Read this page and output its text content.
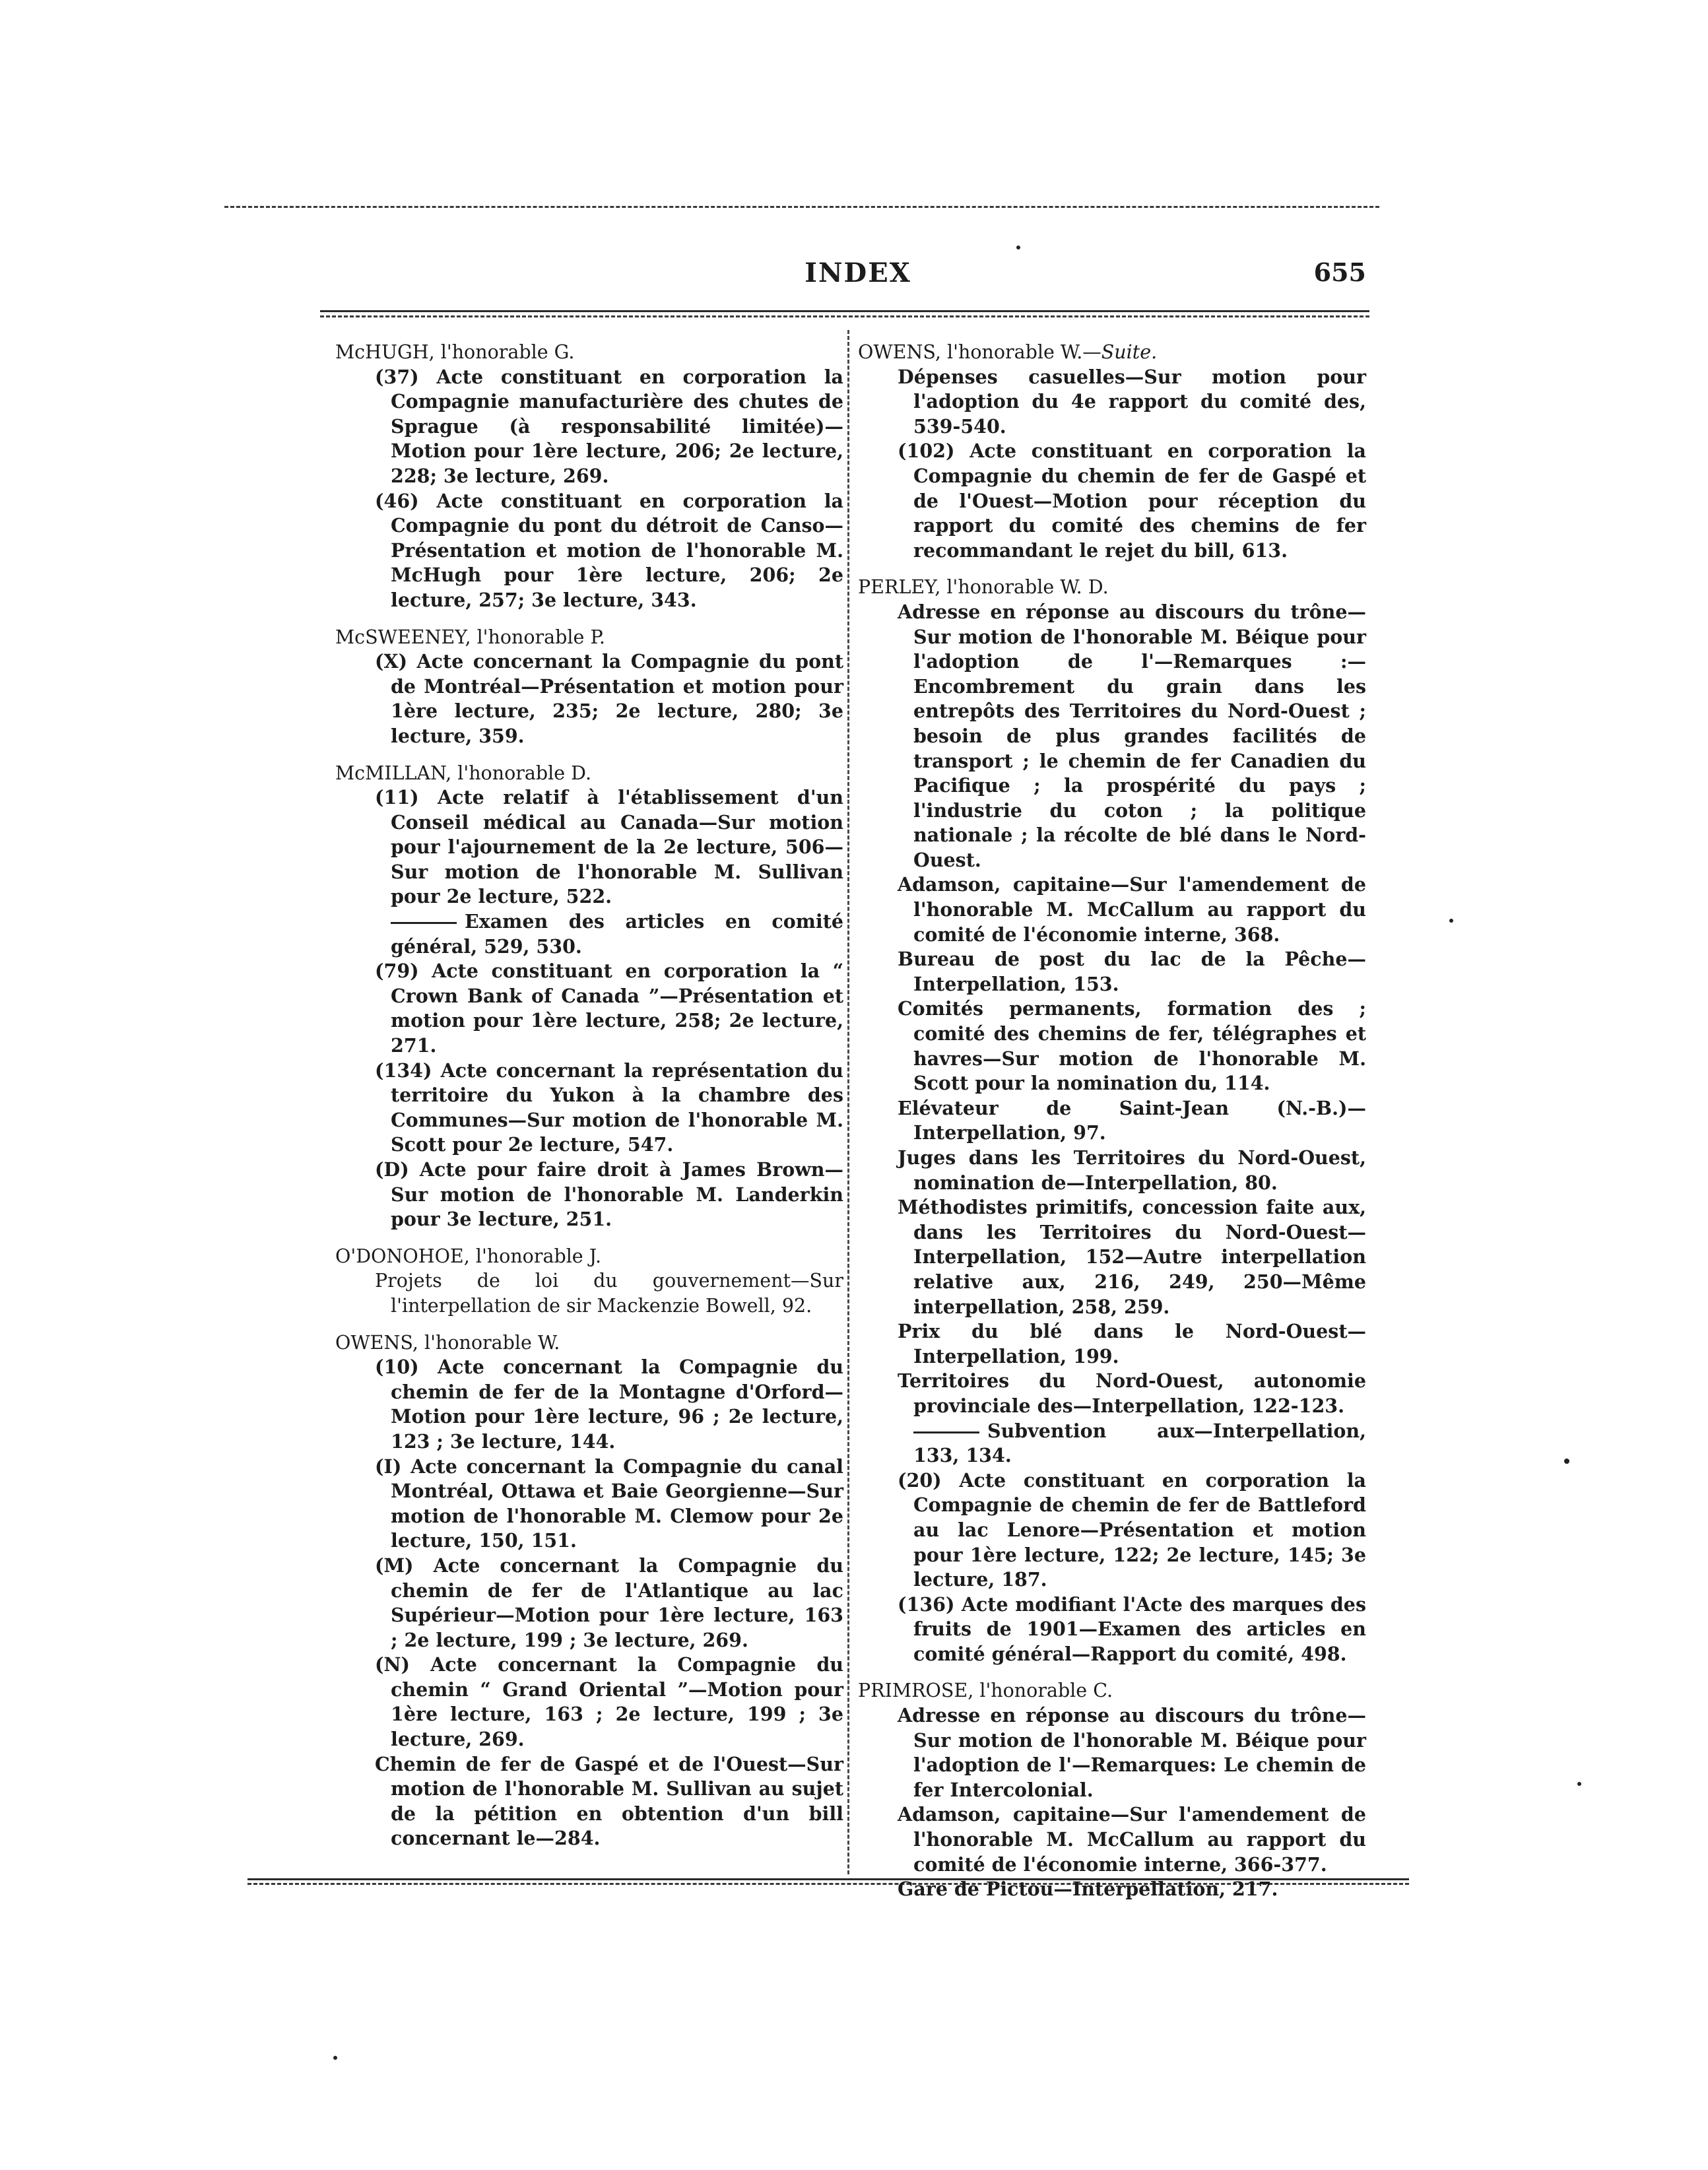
INDEX	655
McHUGH, l'honorable G.
(37) Acte constituant en corporation la Compagnie manufacturière des chutes de Sprague (à responsabilité limitée)—Motion pour 1ère lecture, 206; 2e lecture, 228; 3e lecture, 269.
(46) Acte constituant en corporation la Compagnie du pont du détroit de Canso—Présentation et motion de l'honorable M. McHugh pour 1ère lecture, 206; 2e lecture, 257; 3e lecture, 343.
McSWEENEY, l'honorable P.
(X) Acte concernant la Compagnie du pont de Montréal—Présentation et motion pour 1ère lecture, 235; 2e lecture, 280; 3e lecture, 359.
McMILLAN, l'honorable D.
(11) Acte relatif à l'établissement d'un Conseil médical au Canada—Sur motion pour l'ajournement de la 2e lecture, 506—Sur motion de l'honorable M. Sullivan pour 2e lecture, 522.
Examen des articles en comité général, 529, 530.
(79) Acte constituant en corporation la “ Crown Bank of Canada ”—Présentation et motion pour 1ère lecture, 258; 2e lecture, 271.
(134) Acte concernant la représentation du territoire du Yukon à la chambre des Communes—Sur motion de l'honorable M. Scott pour 2e lecture, 547.
(D) Acte pour faire droit à James Brown—Sur motion de l'honorable M. Landerkin pour 3e lecture, 251.
O'DONOHOE, l'honorable J.
Projets de loi du gouvernement—Sur l'interpellation de sir Mackenzie Bowell, 92.
OWENS, l'honorable W.
(10) Acte concernant la Compagnie du chemin de fer de la Montagne d'Orford—Motion pour 1ère lecture, 96 ; 2e lecture, 123 ; 3e lecture, 144.
(I) Acte concernant la Compagnie du canal Montréal, Ottawa et Baie Georgienne—Sur motion de l'honorable M. Clemow pour 2e lecture, 150, 151.
(M) Acte concernant la Compagnie du chemin de fer de l'Atlantique au lac Supérieur—Motion pour 1ère lecture, 163 ; 2e lecture, 199 ; 3e lecture, 269.
(N) Acte concernant la Compagnie du chemin “ Grand Oriental ”—Motion pour 1ère lecture, 163 ; 2e lecture, 199 ; 3e lecture, 269.
Chemin de fer de Gaspé et de l'Ouest—Sur motion de l'honorable M. Sullivan au sujet de la pétition en obtention d'un bill concernant le—284.
OWENS, l'honorable W.—Suite.
Dépenses casuelles—Sur motion pour l'adoption du 4e rapport du comité des, 539-540.
(102) Acte constituant en corporation la Compagnie du chemin de fer de Gaspé et de l'Ouest—Motion pour réception du rapport du comité des chemins de fer recommandant le rejet du bill, 613.
PERLEY, l'honorable W. D.
Adresse en réponse au discours du trône—Sur motion de l'honorable M. Béique pour l'adoption de l'—Remarques :—Encombrement du grain dans les entrepôts des Territoires du Nord-Ouest ; besoin de plus grandes facilités de transport ; le chemin de fer Canadien du Pacifique ; la prospérité du pays ; l'industrie du coton ; la politique nationale ; la récolte de blé dans le Nord-Ouest.
Adamson, capitaine—Sur l'amendement de l'honorable M. McCallum au rapport du comité de l'économie interne, 368.
Bureau de post du lac de la Pêche—Interpellation, 153.
Comités permanents, formation des ; comité des chemins de fer, télégraphes et havres—Sur motion de l'honorable M. Scott pour la nomination du, 114.
Elévateur de Saint-Jean (N.-B.)—Interpellation, 97.
Juges dans les Territoires du Nord-Ouest, nomination de—Interpellation, 80.
Méthodistes primitifs, concession faite aux, dans les Territoires du Nord-Ouest—Interpellation, 152—Autre interpellation relative aux, 216, 249, 250—Même interpellation, 258, 259.
Prix du blé dans le Nord-Ouest—Interpellation, 199.
Territoires du Nord-Ouest, autonomie provinciale des—Interpellation, 122-123.
Subvention aux—Interpellation, 133, 134.
(20) Acte constituant en corporation la Compagnie de chemin de fer de Battleford au lac Lenore—Présentation et motion pour 1ère lecture, 122; 2e lecture, 145; 3e lecture, 187.
(136) Acte modifiant l'Acte des marques des fruits de 1901—Examen des articles en comité général—Rapport du comité, 498.
PRIMROSE, l'honorable C.
Adresse en réponse au discours du trône—Sur motion de l'honorable M. Béique pour l'adoption de l'—Remarques: Le chemin de fer Intercolonial.
Adamson, capitaine—Sur l'amendement de l'honorable M. McCallum au rapport du comité de l'économie interne, 366-377.
Gare de Pictou—Interpellation, 217.
